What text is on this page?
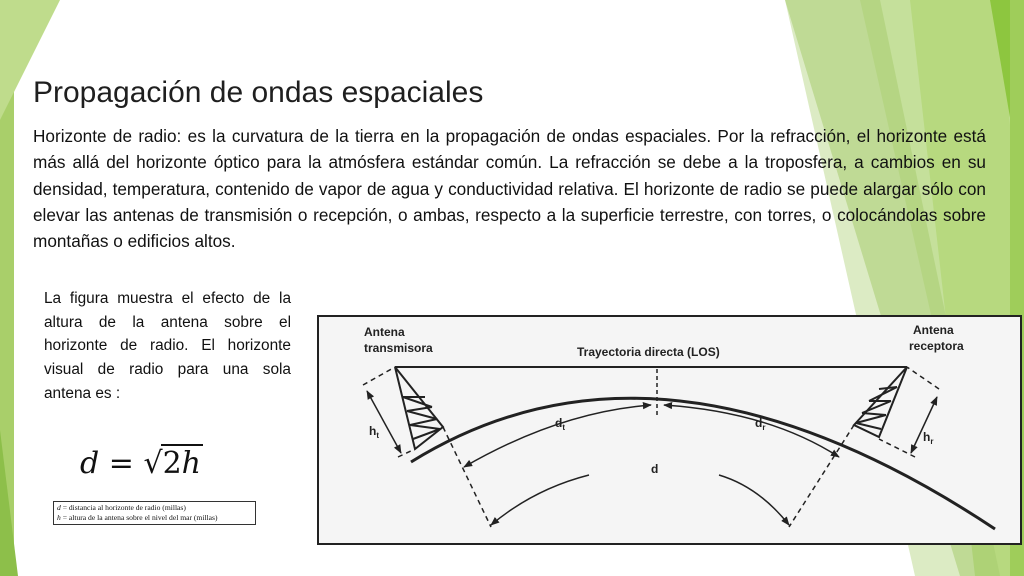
Propagación de ondas espaciales
Horizonte de radio: es la curvatura de la tierra en la propagación de ondas espaciales. Por la refracción, el horizonte está más allá del horizonte óptico para la atmósfera estándar común. La refracción se debe a la troposfera, a cambios en su densidad, temperatura, contenido de vapor de agua y conductividad relativa. El horizonte de radio se puede alargar sólo con elevar las antenas de transmisión o recepción, o ambas, respecto a la superficie terrestre, con torres, o colocándolas sobre montañas o edificios altos.
La figura muestra el efecto de la altura de la antena sobre el horizonte de radio. El horizonte visual de radio para una sola antena es :
d = √2h
d = distancia al horizonte de radio (millas)
h = altura de la antena sobre el nivel del mar (millas)
Antena
transmisora
Antena
receptora
Trayectoria directa (LOS)
$h_t$	$h_r$
$d_t$	$d_r$
d
